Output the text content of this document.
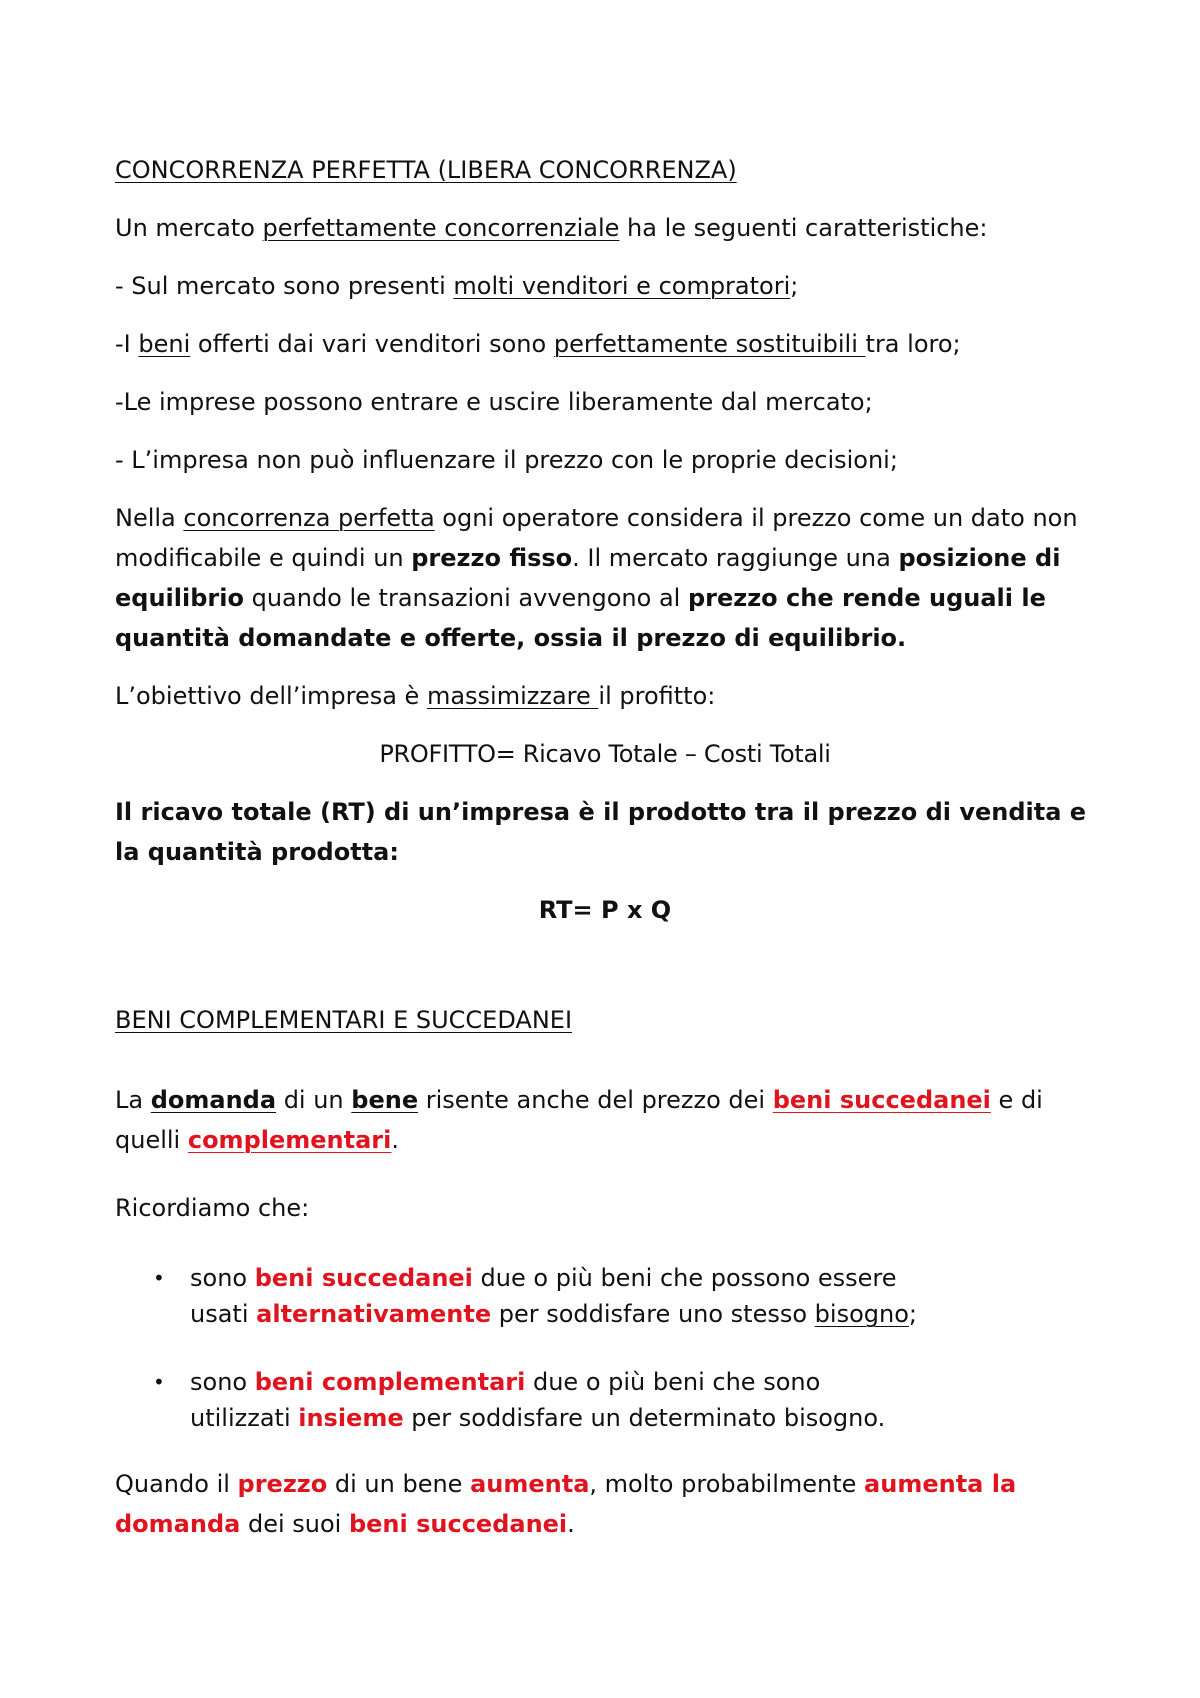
CONCORRENZA PERFETTA (LIBERA CONCORRENZA)

Un mercato perfettamente concorrenziale ha le seguenti caratteristiche:

- Sul mercato sono presenti molti venditori e compratori;

-I beni offerti dai vari venditori sono perfettamente sostituibili tra loro;

-Le imprese possono entrare e uscire liberamente dal mercato;

- L’impresa non può influenzare il prezzo con le proprie decisioni;

Nella concorrenza perfetta ogni operatore considera il prezzo come un dato non modificabile e quindi un prezzo fisso. Il mercato raggiunge una posizione di equilibrio quando le transazioni avvengono al prezzo che rende uguali le quantità domandate e offerte, ossia il prezzo di equilibrio.

L’obiettivo dell’impresa è massimizzare il profitto:

PROFITTO= Ricavo Totale – Costi Totali

Il ricavo totale (RT) di un’impresa è il prodotto tra il prezzo di vendita e la quantità prodotta:

RT= P x Q

BENI COMPLEMENTARI E SUCCEDANEI

La domanda di un bene risente anche del prezzo dei beni succedanei e di quelli complementari.

Ricordiamo che:

• sono beni succedanei due o più beni che possono essere
usati alternativamente per soddisfare uno stesso bisogno;
• sono beni complementari due o più beni che sono
utilizzati insieme per soddisfare un determinato bisogno.

Quando il prezzo di un bene aumenta, molto probabilmente aumenta la domanda dei suoi beni succedanei.
